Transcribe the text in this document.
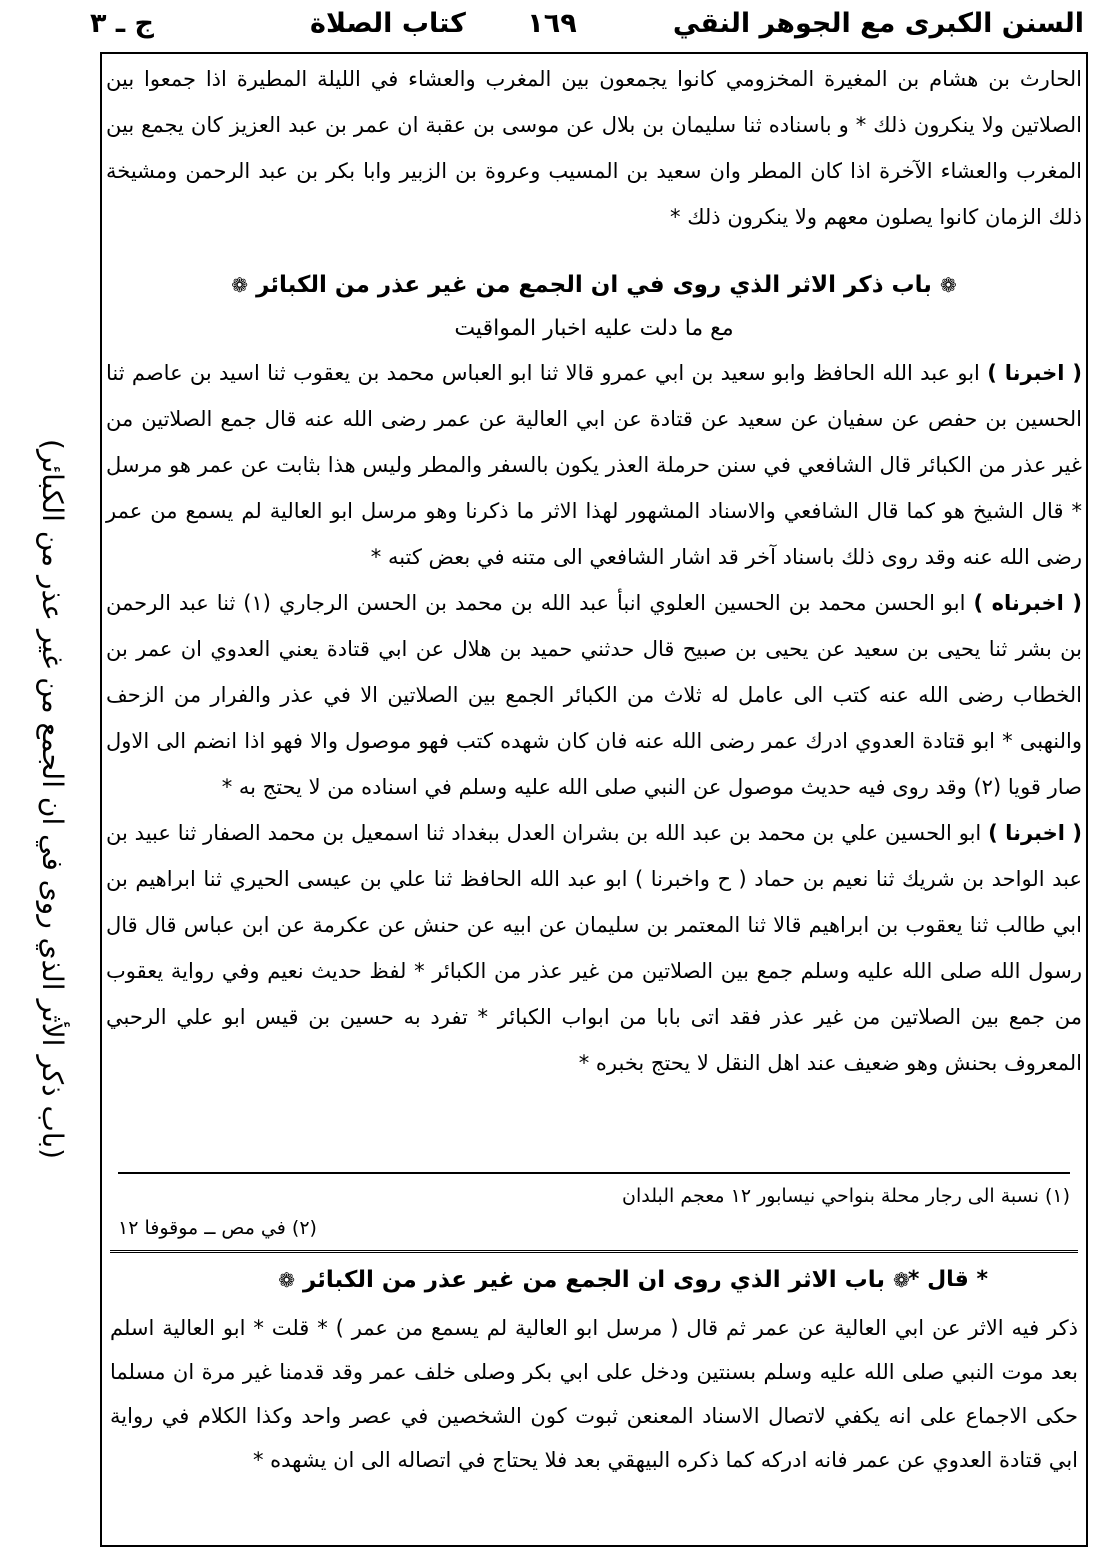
السنن الكبرى مع الجوهر النقي
١٦٩
كتاب الصلاة
ج ـ ٣
(باب ذكر الأثر الذي روى في ان الجمع من غير عذر من الكبائر)

الحارث بن هشام بن المغيرة المخزومي كانوا يجمعون بين المغرب والعشاء في الليلة المطيرة اذا جمعوا بين الصلاتين ولا ينكرون ذلك * و باسناده ثنا سليمان بن بلال عن موسى بن عقبة ان عمر بن عبد العزيز كان يجمع بين المغرب والعشاء الآخرة اذا كان المطر وان سعيد بن المسيب وعروة بن الزبير وابا بكر بن عبد الرحمن ومشيخة ذلك الزمان كانوا يصلون معهم ولا ينكرون ذلك *

❁باب ذكر الاثر الذي روى في ان الجمع من غير عذر من الكبائر❁

مع ما دلت عليه اخبار المواقيت

( اخبرنا ) ابو عبد الله الحافظ وابو سعيد بن ابي عمرو قالا ثنا ابو العباس محمد بن يعقوب ثنا اسيد بن عاصم ثنا الحسين بن حفص عن سفيان عن سعيد عن قتادة عن ابي العالية عن عمر رضى الله عنه قال جمع الصلاتين من غير عذر من الكبائر قال الشافعي في سنن حرملة العذر يكون بالسفر والمطر وليس هذا بثابت عن عمر هو مرسل * قال الشيخ هو كما قال الشافعي والاسناد المشهور لهذا الاثر ما ذكرنا وهو مرسل ابو العالية لم يسمع من عمر رضى الله عنه وقد روى ذلك باسناد آخر قد اشار الشافعي الى متنه في بعض كتبه *

( اخبرناه ) ابو الحسن محمد بن الحسين العلوي انبأ عبد الله بن محمد بن الحسن الرجاري (١) ثنا عبد الرحمن بن بشر ثنا يحيى بن سعيد عن يحيى بن صبيح قال حدثني حميد بن هلال عن ابي قتادة يعني العدوي ان عمر بن الخطاب رضى الله عنه كتب الى عامل له ثلاث من الكبائر الجمع بين الصلاتين الا في عذر والفرار من الزحف والنهبى * ابو قتادة العدوي ادرك عمر رضى الله عنه فان كان شهده كتب فهو موصول والا فهو اذا انضم الى الاول صار قويا (٢) وقد روى فيه حديث موصول عن النبي صلى الله عليه وسلم في اسناده من لا يحتج به *

( اخبرنا ) ابو الحسين علي بن محمد بن عبد الله بن بشران العدل ببغداد ثنا اسمعيل بن محمد الصفار ثنا عبيد بن عبد الواحد بن شريك ثنا نعيم بن حماد ( ح واخبرنا ) ابو عبد الله الحافظ ثنا علي بن عيسى الحيري ثنا ابراهيم بن ابي طالب ثنا يعقوب بن ابراهيم قالا ثنا المعتمر بن سليمان عن ابيه عن حنش عن عكرمة عن ابن عباس قال قال رسول الله صلى الله عليه وسلم جمع بين الصلاتين من غير عذر من الكبائر * لفظ حديث نعيم وفي رواية يعقوب من جمع بين الصلاتين من غير عذر فقد اتى بابا من ابواب الكبائر * تفرد به حسين بن قيس ابو علي الرحبي المعروف بحنش وهو ضعيف عند اهل النقل لا يحتج بخبره *

(١) نسبة الى رجار محلة بنواحي نيسابور ١٢ معجم البلدان
(٢) في مص ــ موقوفا ١٢
* قال *
❁باب الاثر الذي روى ان الجمع من غير عذر من الكبائر❁

ذكر فيه الاثر عن ابي العالية عن عمر ثم قال ( مرسل ابو العالية لم يسمع من عمر ) * قلت * ابو العالية اسلم بعد موت النبي صلى الله عليه وسلم بسنتين ودخل على ابي بكر وصلى خلف عمر وقد قدمنا غير مرة ان مسلما حكى الاجماع على انه يكفي لاتصال الاسناد المعنعن ثبوت كون الشخصين في عصر واحد وكذا الكلام في رواية ابي قتادة العدوي عن عمر فانه ادركه كما ذكره البيهقي بعد فلا يحتاج في اتصاله الى ان يشهده *
